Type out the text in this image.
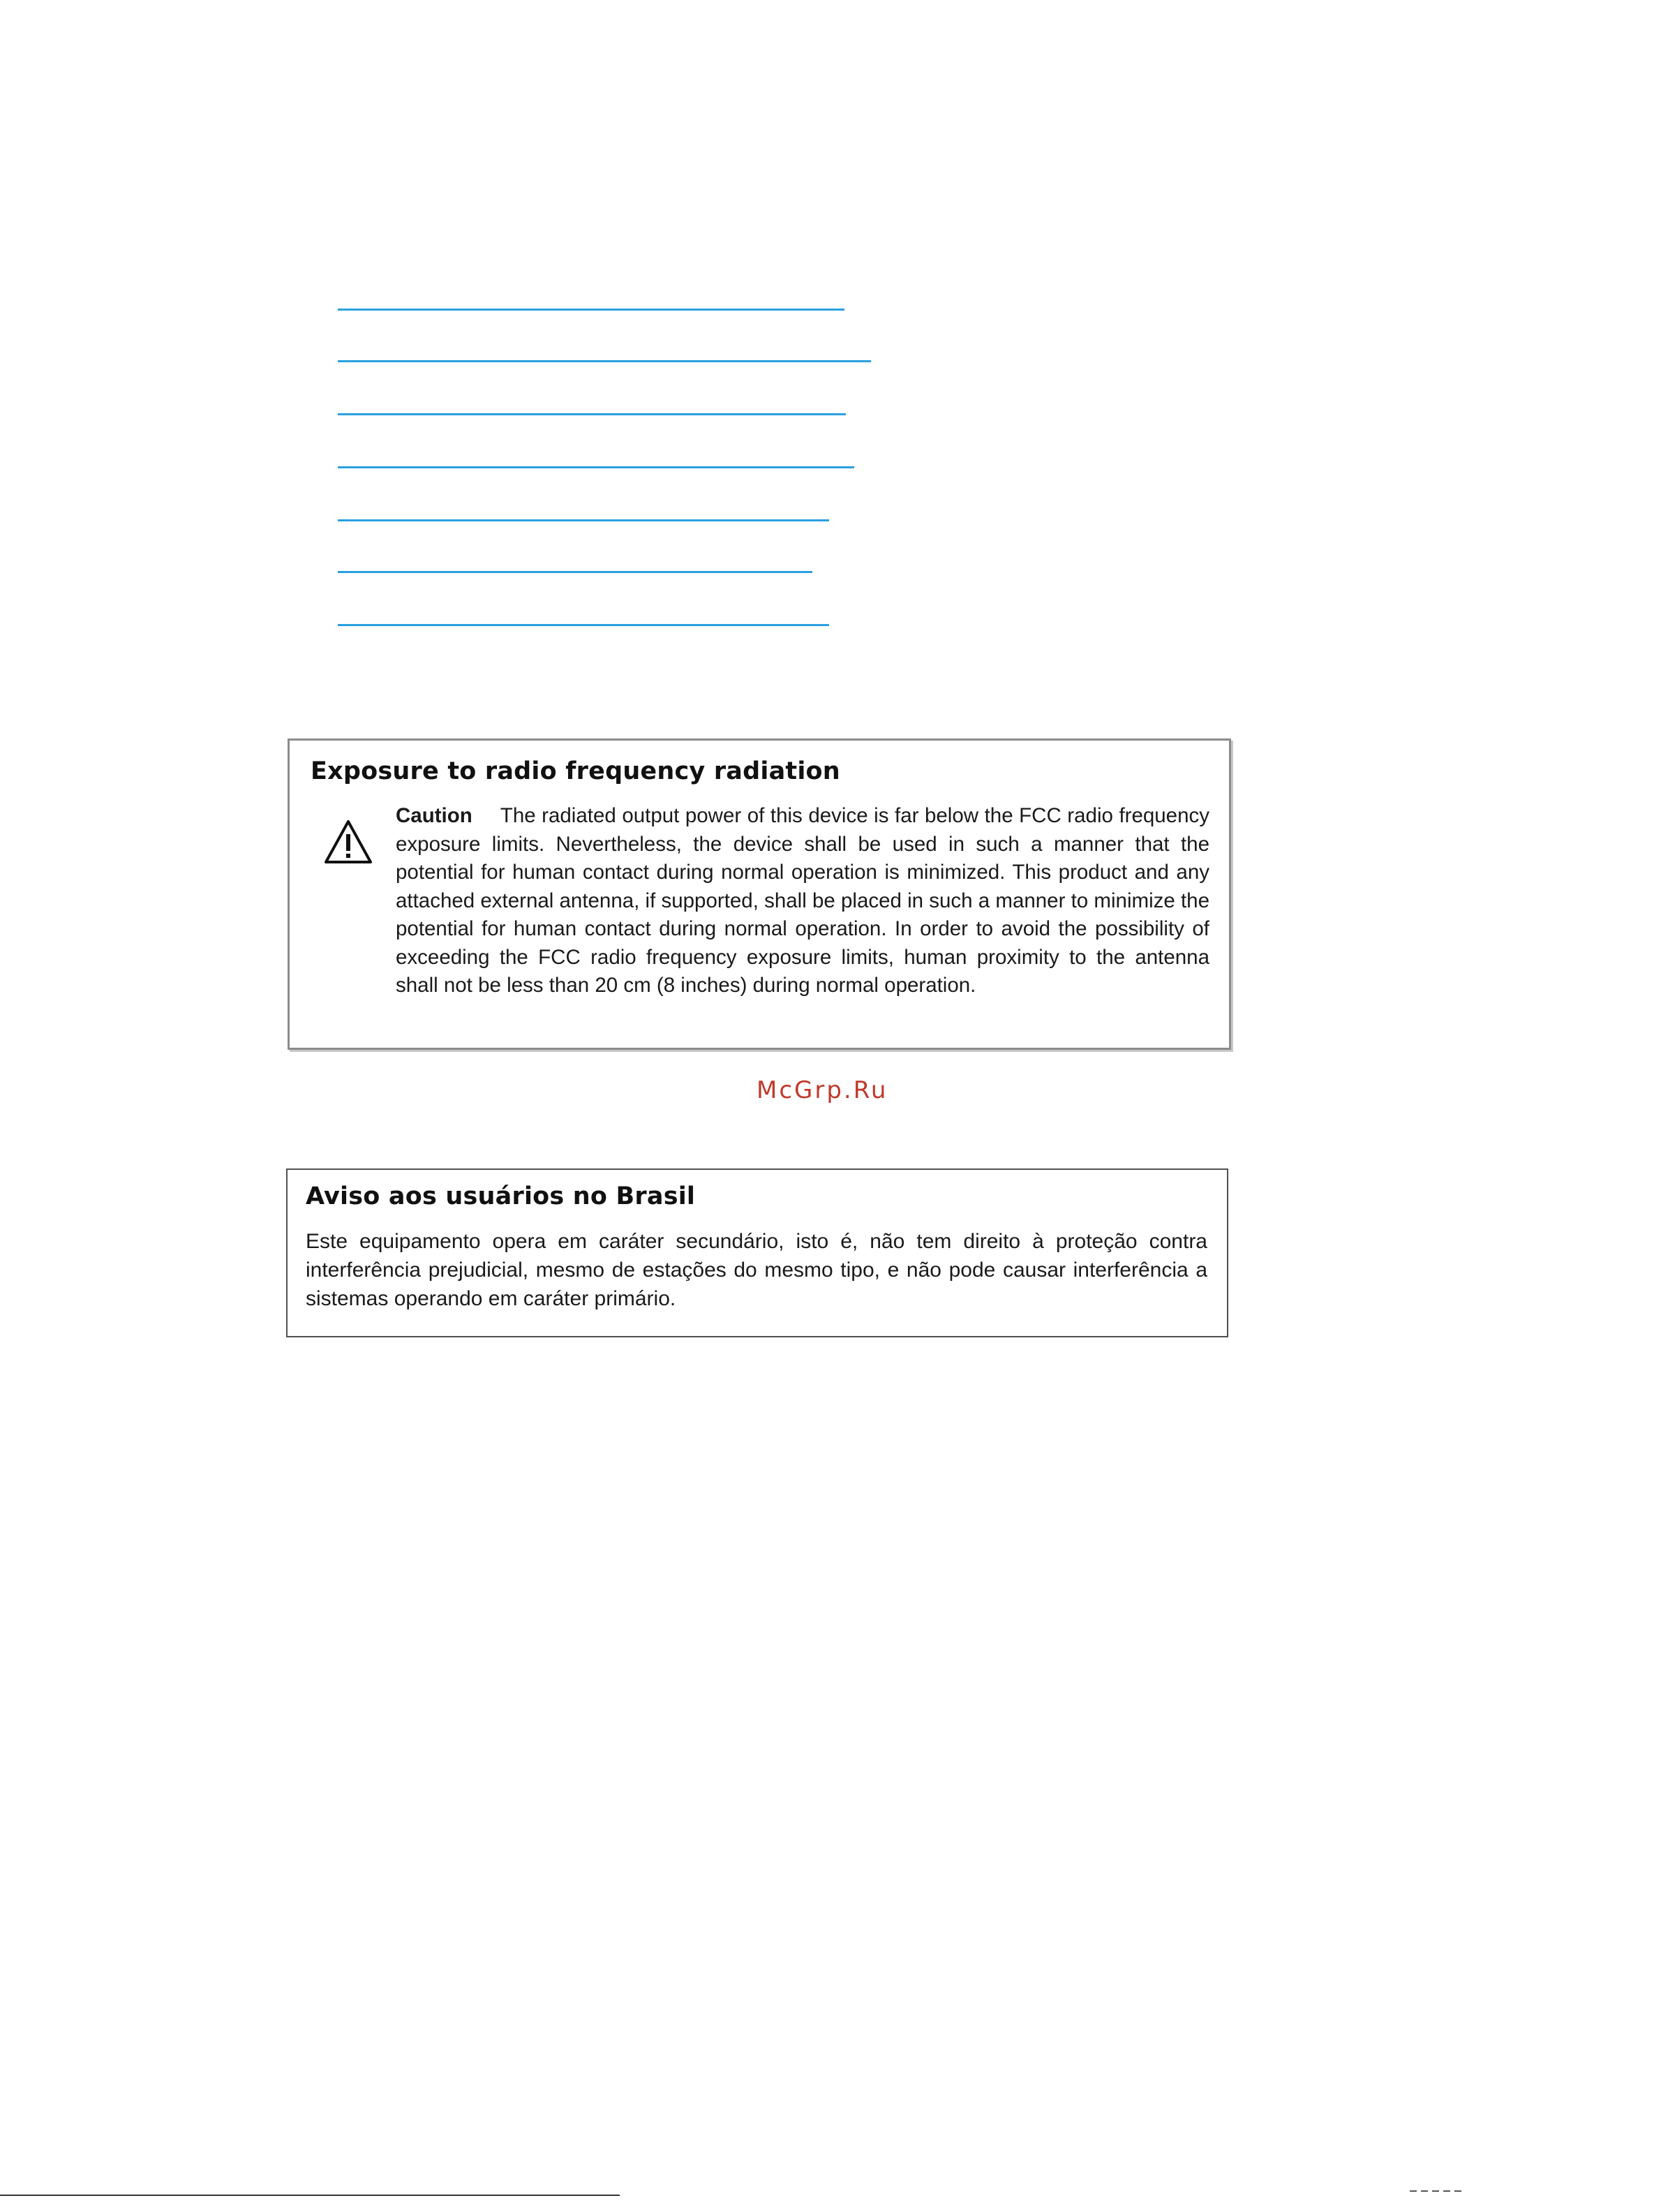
Exposure to radio frequency radiation
Caution The radiated output power of this device is far below the FCC radio frequency exposure limits. Nevertheless, the device shall be used in such a manner that the potential for human contact during normal operation is minimized. This product and any attached external antenna, if supported, shall be placed in such a manner to minimize the potential for human contact during normal operation. In order to avoid the possibility of exceeding the FCC radio frequency exposure limits, human proximity to the antenna shall not be less than 20 cm (8 inches) during normal operation.
McGrp.Ru
Aviso aos usuários no Brasil
Este equipamento opera em caráter secundário, isto é, não tem direito à proteção contra interferência prejudicial, mesmo de estações do mesmo tipo, e não pode causar interferência a sistemas operando em caráter primário.
